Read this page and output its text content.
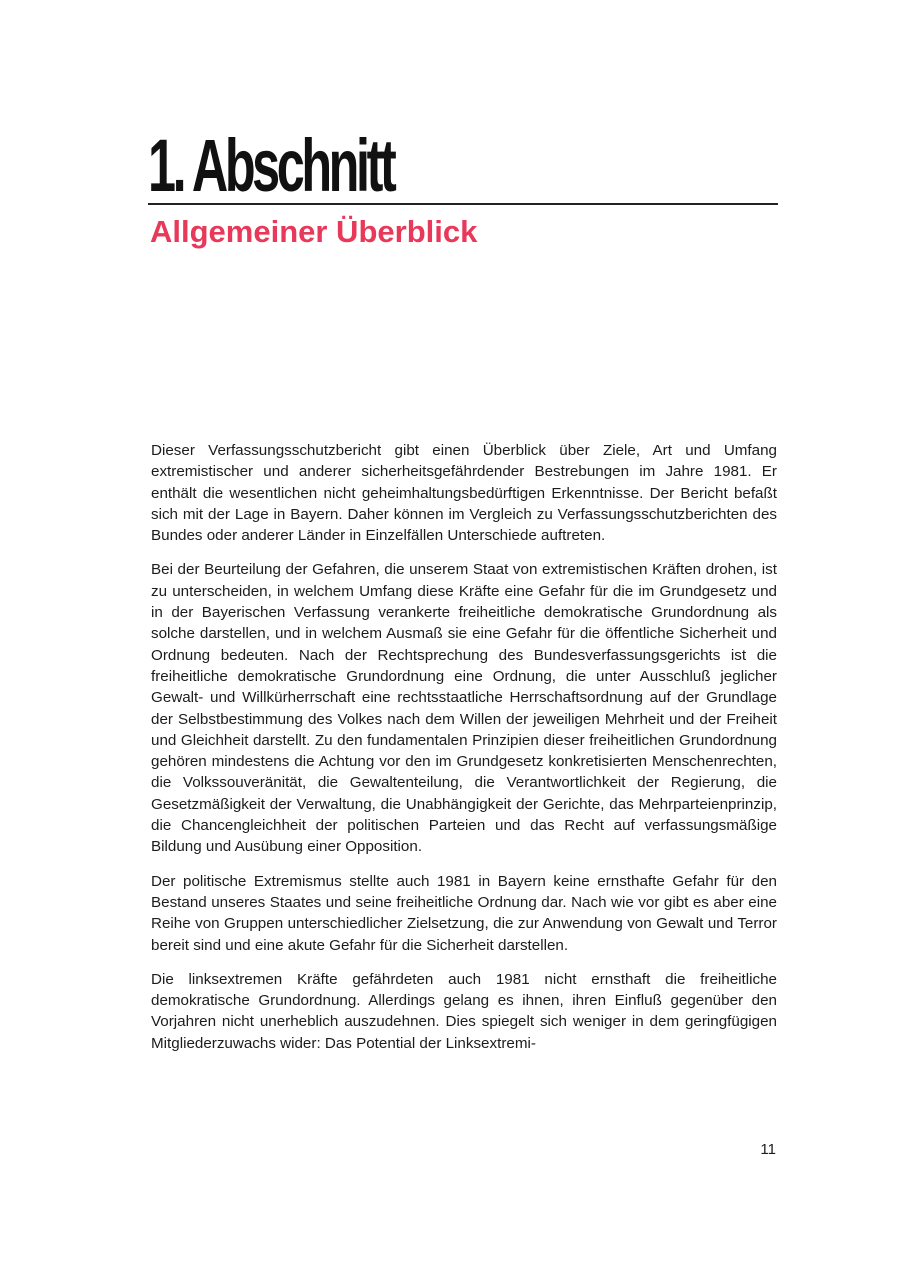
1. Abschnitt
Allgemeiner Überblick

Dieser Verfassungsschutzbericht gibt einen Überblick über Ziele, Art und Umfang extremistischer und anderer sicherheitsgefährdender Bestrebungen im Jahre 1981. Er enthält die wesentlichen nicht geheimhaltungsbedürftigen Erkenntnisse. Der Bericht befaßt sich mit der Lage in Bayern. Daher können im Vergleich zu Verfassungsschutzberichten des Bundes oder anderer Länder in Einzelfällen Unterschiede auftreten.

Bei der Beurteilung der Gefahren, die unserem Staat von extremistischen Kräften drohen, ist zu unterscheiden, in welchem Umfang diese Kräfte eine Gefahr für die im Grundgesetz und in der Bayerischen Verfassung verankerte freiheitliche demokratische Grundordnung als solche darstellen, und in welchem Ausmaß sie eine Gefahr für die öffentliche Sicherheit und Ordnung bedeuten. Nach der Rechtsprechung des Bundesverfassungsgerichts ist die freiheitliche demokratische Grundordnung eine Ordnung, die unter Ausschluß jeglicher Gewalt- und Willkürherrschaft eine rechtsstaatliche Herrschaftsordnung auf der Grundlage der Selbstbestimmung des Volkes nach dem Willen der jeweiligen Mehrheit und der Freiheit und Gleichheit darstellt. Zu den fundamentalen Prinzipien dieser freiheitlichen Grundordnung gehören mindestens die Achtung vor den im Grundgesetz konkretisierten Menschenrechten, die Volkssouveränität, die Gewaltenteilung, die Verantwortlichkeit der Regierung, die Gesetzmäßigkeit der Verwaltung, die Unabhängigkeit der Gerichte, das Mehrparteienprinzip, die Chancengleichheit der politischen Parteien und das Recht auf verfassungsmäßige Bildung und Ausübung einer Opposition.

Der politische Extremismus stellte auch 1981 in Bayern keine ernsthafte Gefahr für den Bestand unseres Staates und seine freiheitliche Ordnung dar. Nach wie vor gibt es aber eine Reihe von Gruppen unterschiedlicher Zielsetzung, die zur Anwendung von Gewalt und Terror bereit sind und eine akute Gefahr für die Sicherheit darstellen.

Die linksextremen Kräfte gefährdeten auch 1981 nicht ernsthaft die freiheitliche demokratische Grundordnung. Allerdings gelang es ihnen, ihren Einfluß gegenüber den Vorjahren nicht unerheblich auszudehnen. Dies spiegelt sich weniger in dem geringfügigen Mitgliederzuwachs wider: Das Potential der Linksextremi-

11
